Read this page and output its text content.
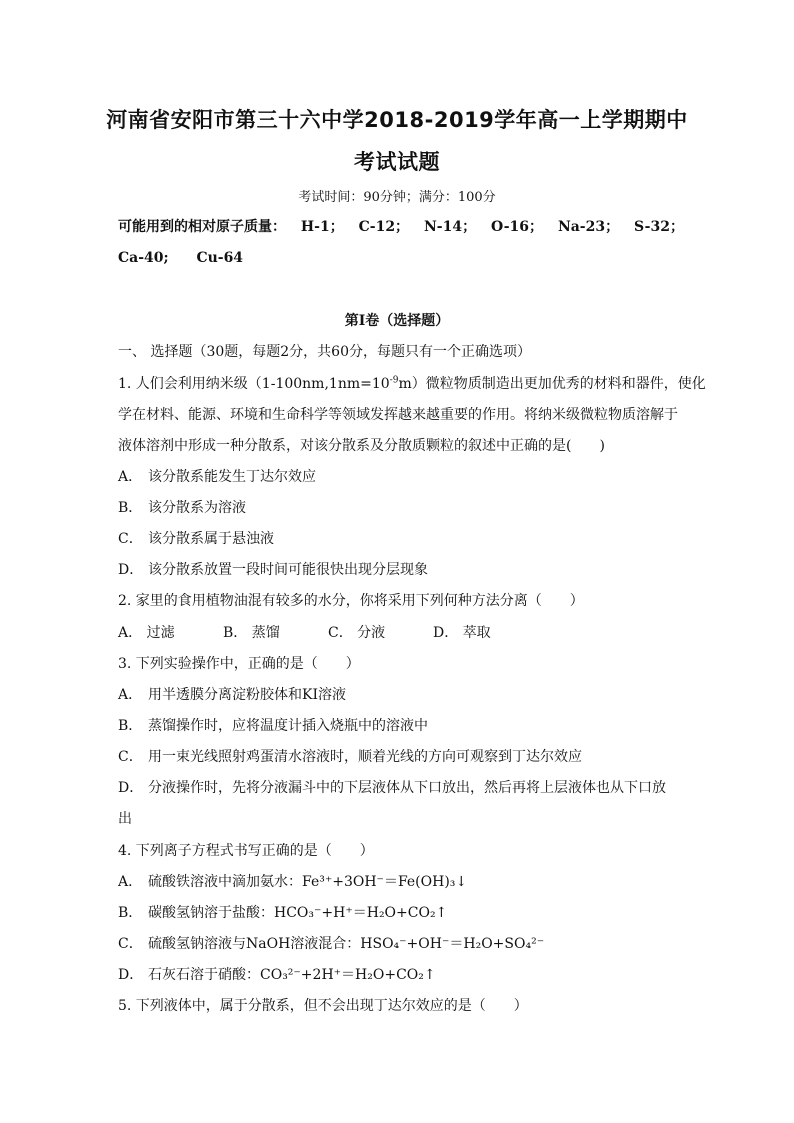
河南省安阳市第三十六中学2018-2019学年高一上学期期中
考试试题
考试时间：90分钟；满分：100分
可能用到的相对原子质量： H-1； C-12； N-14； O-16； Na-23； S-32；
Ca-40; Cu-64
第I卷（选择题）
一、 选择题（30题，每题2分，共60分，每题只有一个正确选项）
1. 人们会利用纳米级$(1-100nm,1nm=10^{-9}m)$微粒物质制造出更加优秀的材料和器件，使化
学在材料、能源、环境和生命科学等领域发挥越来越重要的作用。将纳米级微粒物质溶解于
液体溶剂中形成一种分散系，对该分散系及分散质颗粒的叙述中正确的是(　　)
A． 该分散系能发生丁达尔效应
B． 该分散系为溶液
C． 该分散系属于悬浊液
D． 该分散系放置一段时间可能很快出现分层现象
2. 家里的食用植物油混有较多的水分，你将采用下列何种方法分离（　　）
A． 过滤	B． 蒸馏	C． 分液	D． 萃取
3. 下列实验操作中，正确的是（　　）
A． 用半透膜分离淀粉胶体和KI溶液
B． 蒸馏操作时，应将温度计插入烧瓶中的溶液中
C． 用一束光线照射鸡蛋清水溶液时，顺着光线的方向可观察到丁达尔效应
D． 分液操作时，先将分液漏斗中的下层液体从下口放出，然后再将上层液体也从下口放
出
4. 下列离子方程式书写正确的是（　　）
A． 硫酸铁溶液中滴加氨水：Fe³⁺+3OH⁻＝Fe(OH)₃↓
B． 碳酸氢钠溶于盐酸：HCO₃⁻+H⁺＝H₂O+CO₂↑
C． 硫酸氢钠溶液与NaOH溶液混合：HSO₄⁻+OH⁻＝H₂O+SO₄²⁻
D． 石灰石溶于硝酸：CO₃²⁻+2H⁺＝H₂O+CO₂↑
5. 下列液体中，属于分散系，但不会出现丁达尔效应的是（　　）
